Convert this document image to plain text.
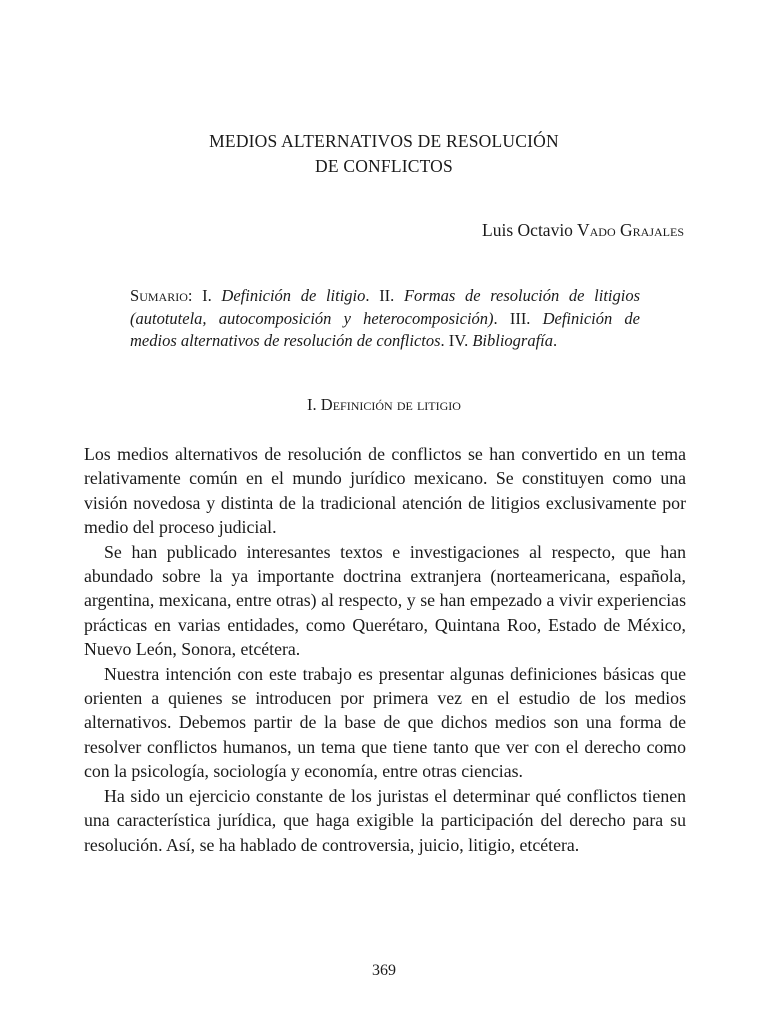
MEDIOS ALTERNATIVOS DE RESOLUCIÓN
DE CONFLICTOS
Luis Octavio Vado Grajales
Sumario: I. Definición de litigio. II. Formas de resolución de litigios (autotutela, autocomposición y heterocomposición). III. Definición de medios alternativos de resolución de conflictos. IV. Bibliografía.
I. Definición de litigio

Los medios alternativos de resolución de conflictos se han convertido en un tema relativamente común en el mundo jurídico mexicano. Se constituyen como una visión novedosa y distinta de la tradicional atención de litigios exclusivamente por medio del proceso judicial.

Se han publicado interesantes textos e investigaciones al respecto, que han abundado sobre la ya importante doctrina extranjera (norteamericana, española, argentina, mexicana, entre otras) al respecto, y se han empezado a vivir experiencias prácticas en varias entidades, como Querétaro, Quintana Roo, Estado de México, Nuevo León, Sonora, etcétera.

Nuestra intención con este trabajo es presentar algunas definiciones básicas que orienten a quienes se introducen por primera vez en el estudio de los medios alternativos. Debemos partir de la base de que dichos medios son una forma de resolver conflictos humanos, un tema que tiene tanto que ver con el derecho como con la psicología, sociología y economía, entre otras ciencias.

Ha sido un ejercicio constante de los juristas el determinar qué conflictos tienen una característica jurídica, que haga exigible la participación del derecho para su resolución. Así, se ha hablado de controversia, juicio, litigio, etcétera.

369
